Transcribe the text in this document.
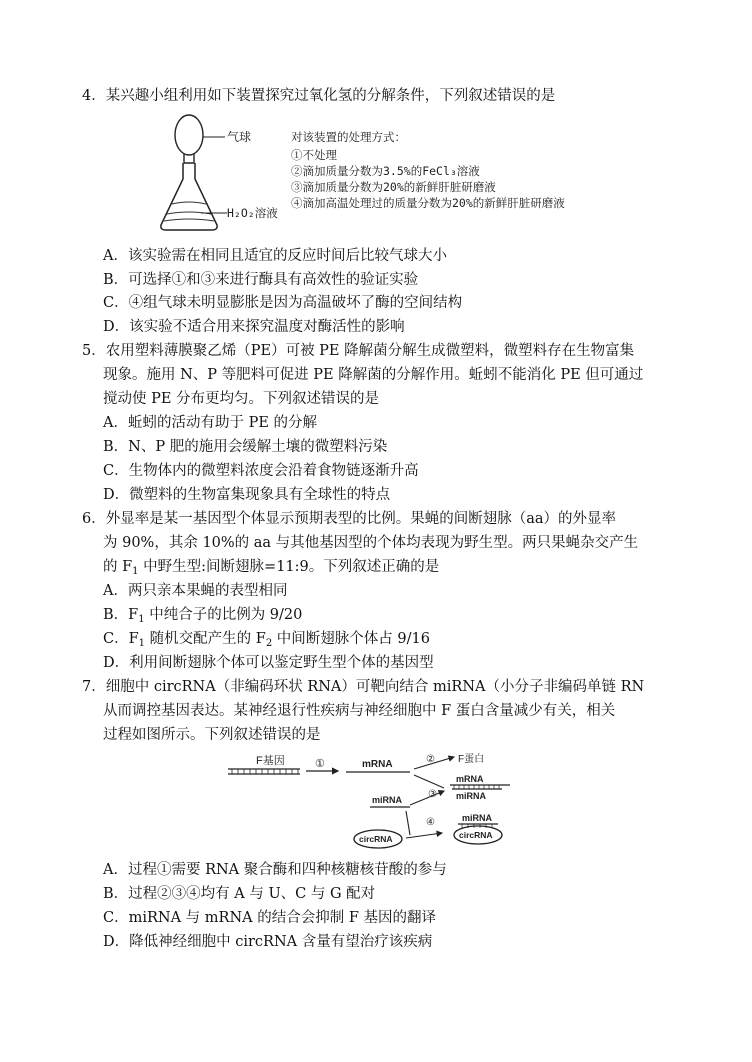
4．某兴趣小组利用如下装置探究过氧化氢的分解条件，下列叙述错误的是
气球
H₂O₂溶液
对该装置的处理方式：
①不处理
②滴加质量分数为3.5%的FeCl₃溶液
③滴加质量分数为20%的新鲜肝脏研磨液
④滴加高温处理过的质量分数为20%的新鲜肝脏研磨液
A．该实验需在相同且适宜的反应时间后比较气球大小
B．可选择①和③来进行酶具有高效性的验证实验
C．④组气球未明显膨胀是因为高温破坏了酶的空间结构
D．该实验不适合用来探究温度对酶活性的影响
5．农用塑料薄膜聚乙烯（PE）可被 PE 降解菌分解生成微塑料，微塑料存在生物富集
现象。施用 N、P 等肥料可促进 PE 降解菌的分解作用。蚯蚓不能消化 PE 但可通过
搅动使 PE 分布更均匀。下列叙述错误的是
A．蚯蚓的活动有助于 PE 的分解
B．N、P 肥的施用会缓解土壤的微塑料污染
C．生物体内的微塑料浓度会沿着食物链逐渐升高
D．微塑料的生物富集现象具有全球性的特点
6．外显率是某一基因型个体显示预期表型的比例。果蝇的间断翅脉（aa）的外显率
为 90%，其余 10%的 aa 与其他基因型的个体均表现为野生型。两只果蝇杂交产生
的 $F_1$ 中野生型:间断翅脉=11:9。下列叙述正确的是
A．两只亲本果蝇的表型相同
B．$F_1$ 中纯合子的比例为 9/20
C．$F_1$ 随机交配产生的 $F_2$ 中间断翅脉个体占 9/16
D．利用间断翅脉个体可以鉴定野生型个体的基因型
7．细胞中 circRNA（非编码环状 RNA）可靶向结合 miRNA（小分子非编码单链 RN
从而调控基因表达。某神经退行性疾病与神经细胞中 F 蛋白含量减少有关，相关
过程如图所示。下列叙述错误的是
F基因	①	mRNA	② F蛋白
③
mRNA
miRNA
miRNA
④
circRNA
miRNA
circRNA
A．过程①需要 RNA 聚合酶和四种核糖核苷酸的参与
B．过程②③④均有 A 与 U、C 与 G 配对
C．miRNA 与 mRNA 的结合会抑制 F 基因的翻译
D．降低神经细胞中 circRNA 含量有望治疗该疾病
